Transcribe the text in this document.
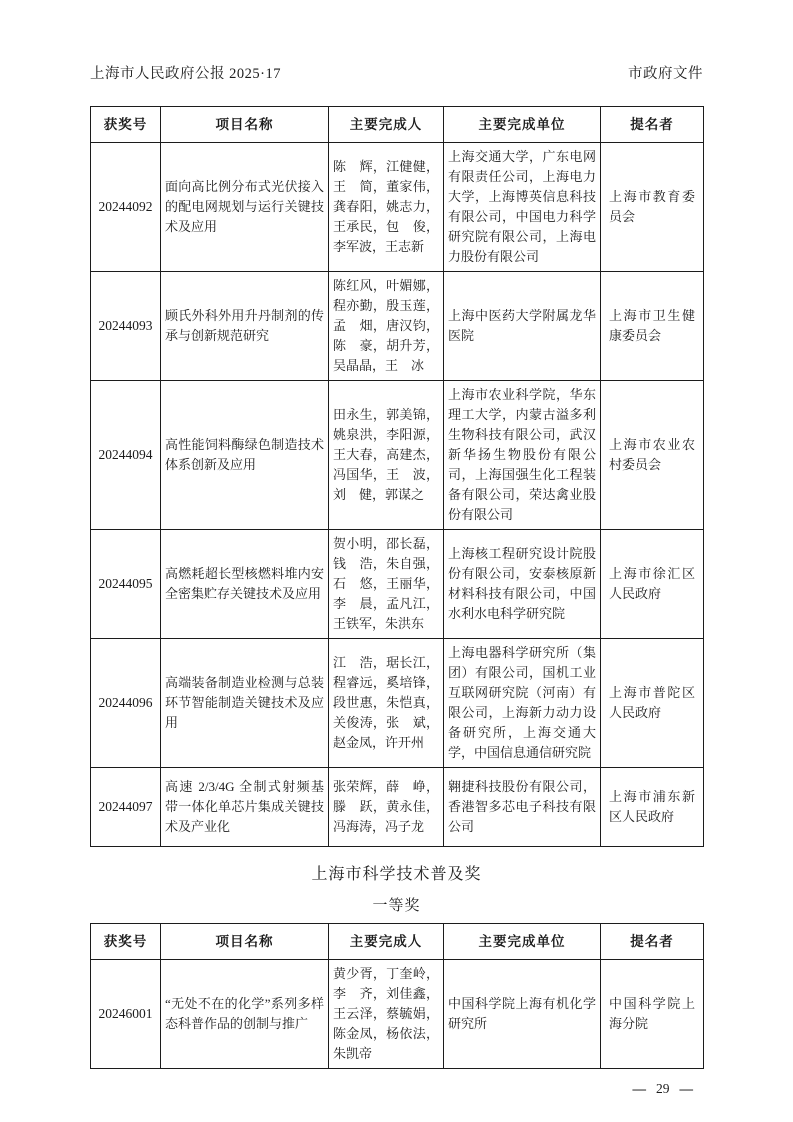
上海市人民政府公报 2025·17	市政府文件
获奖号	项目名称	主要完成人	主要完成单位	提名者
20244092	面向高比例分布式光伏接入的配电网规划与运行关键技术及应用	陈　辉，江健健，王　简，董家伟，龚春阳，姚志力，王承民，包　俊，李军波，王志新	上海交通大学，广东电网有限责任公司，上海电力大学，上海博英信息科技有限公司，中国电力科学研究院有限公司，上海电力股份有限公司	上海市教育委员会
20244093	顾氏外科外用升丹制剂的传承与创新规范研究	陈红风，叶媚娜，程亦勤，殷玉莲，孟　畑，唐汉钧，陈　豪，胡升芳，吴晶晶，王　冰	上海中医药大学附属龙华医院	上海市卫生健康委员会
20244094	高性能饲料酶绿色制造技术体系创新及应用	田永生，郭美锦，姚泉洪，李阳源，王大春，高建杰，冯国华，王　波，刘　健，郭谋之	上海市农业科学院，华东理工大学，内蒙古溢多利生物科技有限公司，武汉新华扬生物股份有限公司，上海国强生化工程装备有限公司，荣达禽业股份有限公司	上海市农业农村委员会
20244095	高燃耗超长型核燃料堆内安全密集贮存关键技术及应用	贺小明，邵长磊，钱　浩，朱自强，石　悠，王丽华，李　晨，孟凡江，王铁军，朱洪东	上海核工程研究设计院股份有限公司，安泰核原新材料科技有限公司，中国水利水电科学研究院	上海市徐汇区人民政府
20244096	高端装备制造业检测与总装环节智能制造关键技术及应用	江　浩，琚长江，程睿远，奚培锋，段世惠，朱恺真，关俊涛，张　斌，赵金凤，许开州	上海电器科学研究所（集团）有限公司，国机工业互联网研究院（河南）有限公司，上海新力动力设备研究所，上海交通大学，中国信息通信研究院	上海市普陀区人民政府
20244097	高速 2/3/4G 全制式射频基带一体化单芯片集成关键技术及产业化	张荣辉，薛　峥，滕　跃，黄永佳，冯海涛，冯子龙	翱捷科技股份有限公司，香港智多芯电子科技有限公司	上海市浦东新区人民政府
上海市科学技术普及奖
一等奖
获奖号	项目名称	主要完成人	主要完成单位	提名者
20246001	“无处不在的化学”系列多样态科普作品的创制与推广	黄少胥，丁奎岭，李　齐，刘佳鑫，王云泽，蔡毓娟，陈金凤，杨依法，朱凯帝	中国科学院上海有机化学研究所	中国科学院上海分院
— 29 —
